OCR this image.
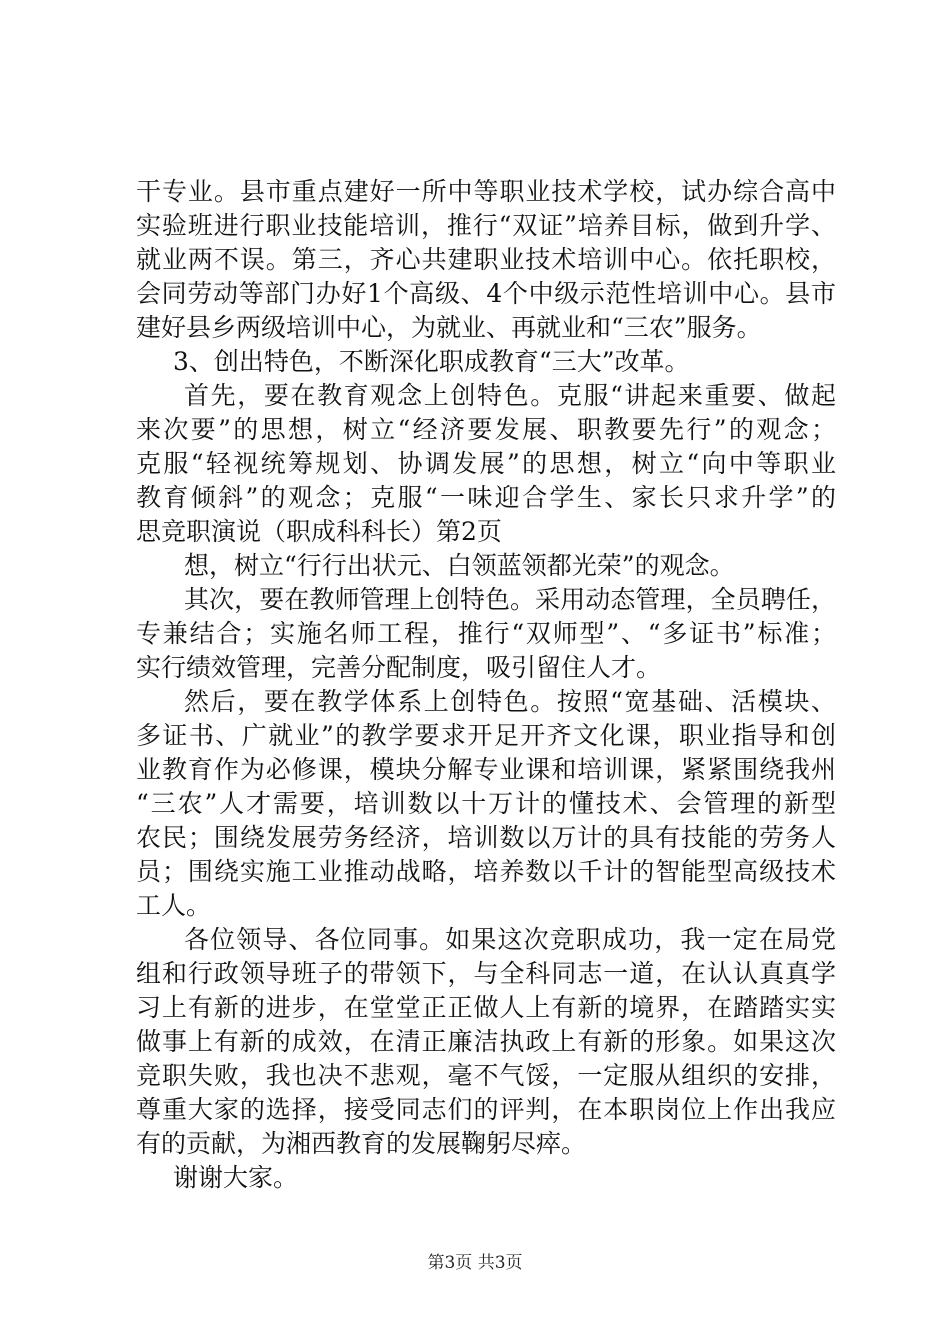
干专业。县市重点建好一所中等职业技术学校，试办综合高中
实验班进行职业技能培训，推行“双证”培养目标，做到升学、
就业两不误。第三，齐心共建职业技术培训中心。依托职校，
会同劳动等部门办好1个高级、4个中级示范性培训中心。县市
建好县乡两级培训中心，为就业、再就业和“三农”服务。
3、创出特色，不断深化职成教育“三大”改革。
首先，要在教育观念上创特色。克服“讲起来重要、做起
来次要”的思想，树立“经济要发展、职教要先行”的观念；
克服“轻视统筹规划、协调发展”的思想，树立“向中等职业
教育倾斜”的观念；克服“一味迎合学生、家长只求升学”的
思竞职演说（职成科科长）第2页
想，树立“行行出状元、白领蓝领都光荣”的观念。
其次，要在教师管理上创特色。采用动态管理，全员聘任，
专兼结合；实施名师工程，推行“双师型”、“多证书”标准；
实行绩效管理，完善分配制度，吸引留住人才。
然后，要在教学体系上创特色。按照“宽基础、活模块、
多证书、广就业”的教学要求开足开齐文化课，职业指导和创
业教育作为必修课，模块分解专业课和培训课，紧紧围绕我州
“三农”人才需要，培训数以十万计的懂技术、会管理的新型
农民；围绕发展劳务经济，培训数以万计的具有技能的劳务人
员；围绕实施工业推动战略，培养数以千计的智能型高级技术
工人。
各位领导、各位同事。如果这次竞职成功，我一定在局党
组和行政领导班子的带领下，与全科同志一道，在认认真真学
习上有新的进步，在堂堂正正做人上有新的境界，在踏踏实实
做事上有新的成效，在清正廉洁执政上有新的形象。如果这次
竞职失败，我也决不悲观，毫不气馁，一定服从组织的安排，
尊重大家的选择，接受同志们的评判，在本职岗位上作出我应
有的贡献，为湘西教育的发展鞠躬尽瘁。
谢谢大家。
第3页 共3页
